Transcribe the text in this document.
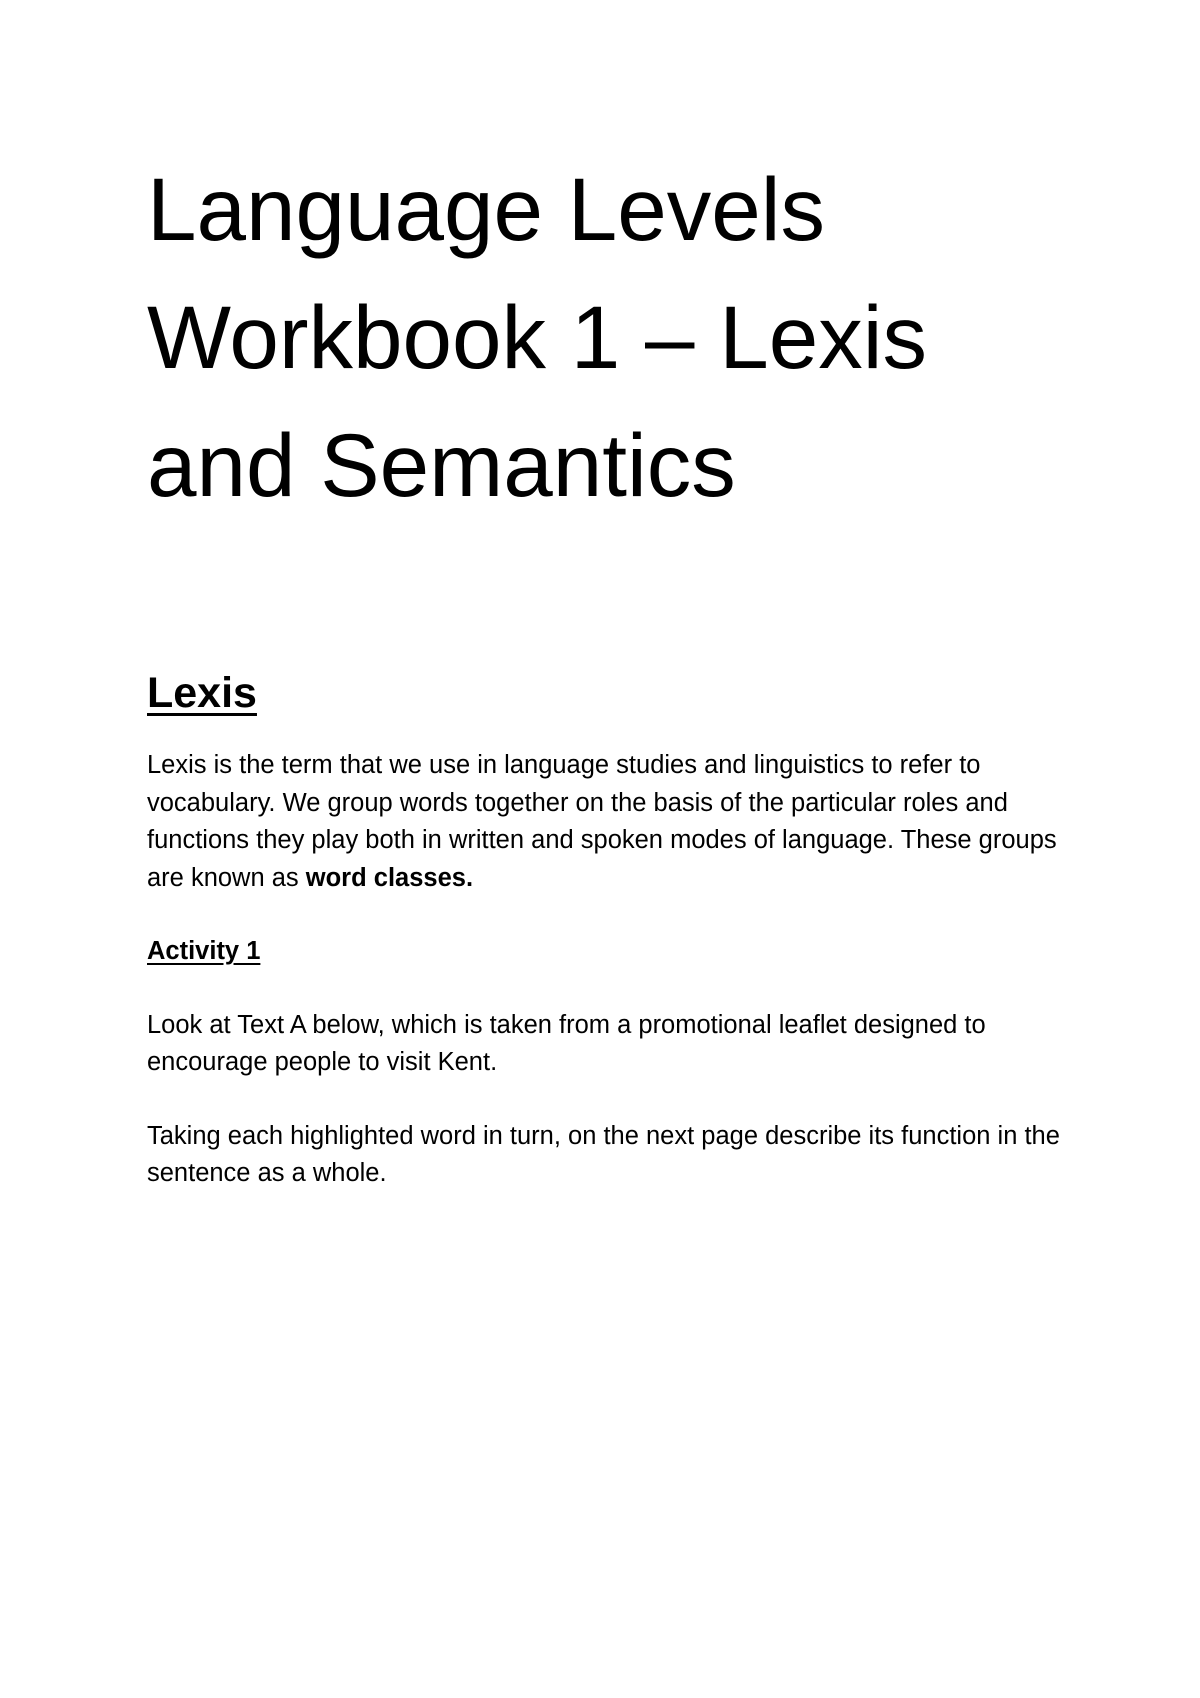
Language Levels Workbook 1 – Lexis and Semantics
Lexis

Lexis is the term that we use in language studies and linguistics to refer to vocabulary. We group words together on the basis of the particular roles and functions they play both in written and spoken modes of language. These groups are known as word classes.

Activity 1

Look at Text A below, which is taken from a promotional leaflet designed to encourage people to visit Kent.

Taking each highlighted word in turn, on the next page describe its function in the sentence as a whole.
